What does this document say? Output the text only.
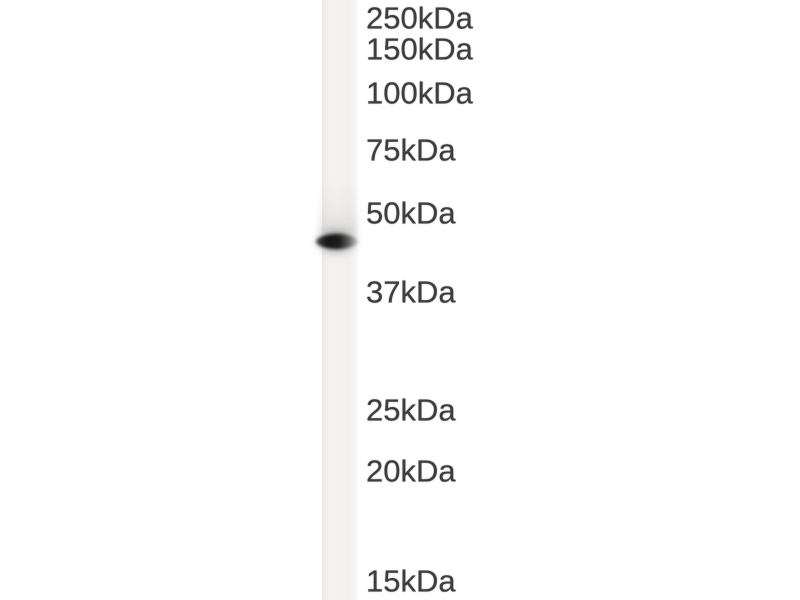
250kDa
150kDa
100kDa
75kDa
50kDa
37kDa
25kDa
20kDa
15kDa
